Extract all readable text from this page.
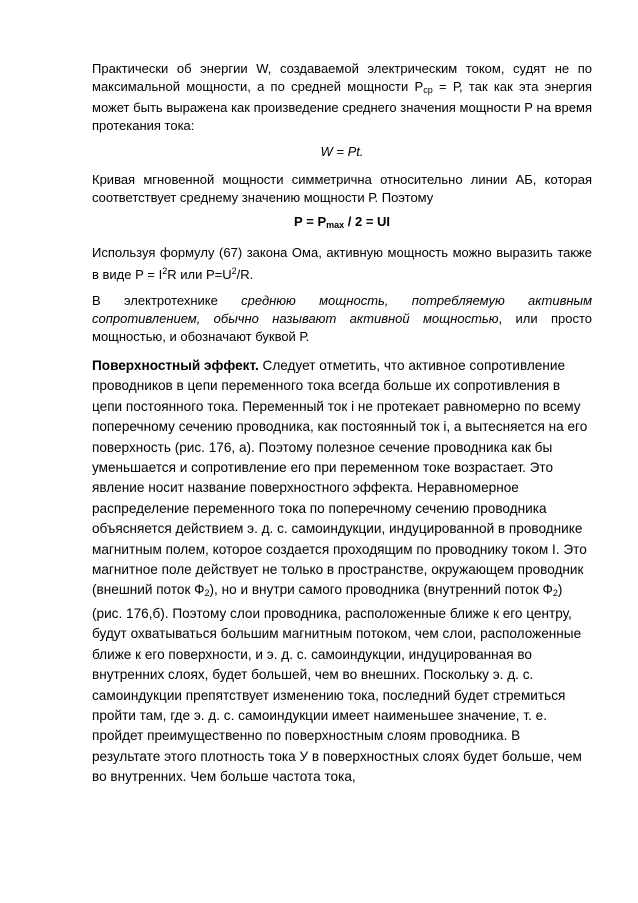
Практически об энергии W, создаваемой электрическим током, судят не по максимальной мощности, а по средней мощности $Р_{ср} = Р$, так как эта энергия может быть выражена как произведение среднего значения мощности Р на время протекания тока:

W = Pt.

Кривая мгновенной мощности симметрична относительно линии АБ, которая соответствует среднему значению мощности Р. Поэтому

$Р = Р_{max} / 2$ = UI

Используя формулу (67) закона Ома, активную мощность можно выразить также в виде $Р = I^2R$ или $P=U^2/R$.

В электротехнике среднюю мощность, потребляемую активным сопротивлением, обычно называют активной мощностью, или просто мощностью, и обозначают буквой Р.

Поверхностный эффект. Следует отметить, что активное сопротивление проводников в цепи переменного тока всегда больше их сопротивления в цепи постоянного тока. Переменный ток i не протекает равномерно по всему поперечному сечению проводника, как постоянный ток i, а вытесняется на его поверхность (рис. 176, а). Поэтому полезное сечение проводника как бы уменьшается и сопротивление его при переменном токе возрастает. Это явление носит название поверхностного эффекта. Неравномерное распределение переменного тока по поперечному сечению проводника объясняется действием э. д. с. самоиндукции, индуцированной в проводнике магнитным полем, которое создается проходящим по проводнику током I. Это магнитное поле действует не только в пространстве, окружающем проводник (внешний поток $Ф_2$), но и внутри самого проводника (внутренний поток $Ф_2$) (рис. 176,б). Поэтому слои проводника, расположенные ближе к его центру, будут охватываться большим магнитным потоком, чем слои, расположенные ближе к его поверхности, и э. д. с. самоиндукции, индуцированная во внутренних слоях, будет большей, чем во внешних. Поскольку э. д. с. самоиндукции препятствует изменению тока, последний будет стремиться пройти там, где э. д. с. самоиндукции имеет наименьшее значение, т. е. пройдет преимущественно по поверхностным слоям проводника. В результате этого плотность тока У в поверхностных слоях будет больше, чем во внутренних. Чем больше частота тока,
